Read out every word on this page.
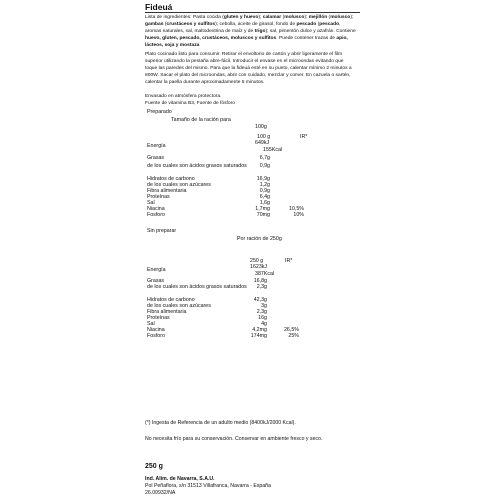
Fideuá
Lista de ingredientes: Pasta cocida (gluten y huevo); calamar (molusco); mejillón (molusco); gambas (crustáceos y sulfitos); cebolla, aceite de girasol, fondo de pescado (pescado, aromas naturales, sal, maltodextrina de maíz y de trigo); sal, pimentón dulce y azafrán. Contiene huevo, gluten, pescado, crustáceos, moluscos y sulfitos. Puede contener trazas de apio, lácteos, soja y mostaza
Plato cocinado listo para consumir. Retirar el envoltorio de cartón y abrir ligeramente el film superior utilizando la pestaña abre-fácil. Introducir el envase en el microondas evitando que toque las paredes del mismo. Para que la fideuá esté en su punto, calentar mínimo 2 minutos a 800W. Sacar el plato del microondas, abrir con cuidado, mezclar y comer. En cazuela o sartén, calentar la paella durante aproximadamente 5 minutos.
Envasado en atmósfera protectora.
Fuente de vitamina B3, Fuente de fósforo
Preparado
Tamaño de la ración para
100g
100 g	IR*
Energía	649kJ
155Kcal
Grasas	6,7g
de los cuales son ácidos grasos saturados	0,9g
Hidratos de carbono	16,9g
de los cuales son azúcares	1,2g
Fibra alimentaria	0,9g
Proteínas	6,4g
Sal	1,6g
Niacina	1,7mg	10,5%
Fosforo	70mg	10%
Sin preparar
Por ración de 250g
250 g	IR*
Energía	1623kJ
387Kcal
Grasas	16,8g
de los cuales son ácidos grasos saturados	2,3g
Hidratos de carbono	42,3g
de los cuales son azúcares	3g
Fibra alimentaria	2,3g
Proteínas	16g
Sal	4g
Niacina	4,2mg	26,5%
Fosforo	174mg	25%
(*) Ingesta de Referencia de un adulto medio (8400kJ/2000 Kcal).
No necesita frío para su conservación. Conservar en ambiente fresco y seco.
250 g
Ind. Alim. de Navarra, S.A.U.
Pol Peñaflora, s/n 31513 Villafranca, Navarra - España
26.00932/NA
